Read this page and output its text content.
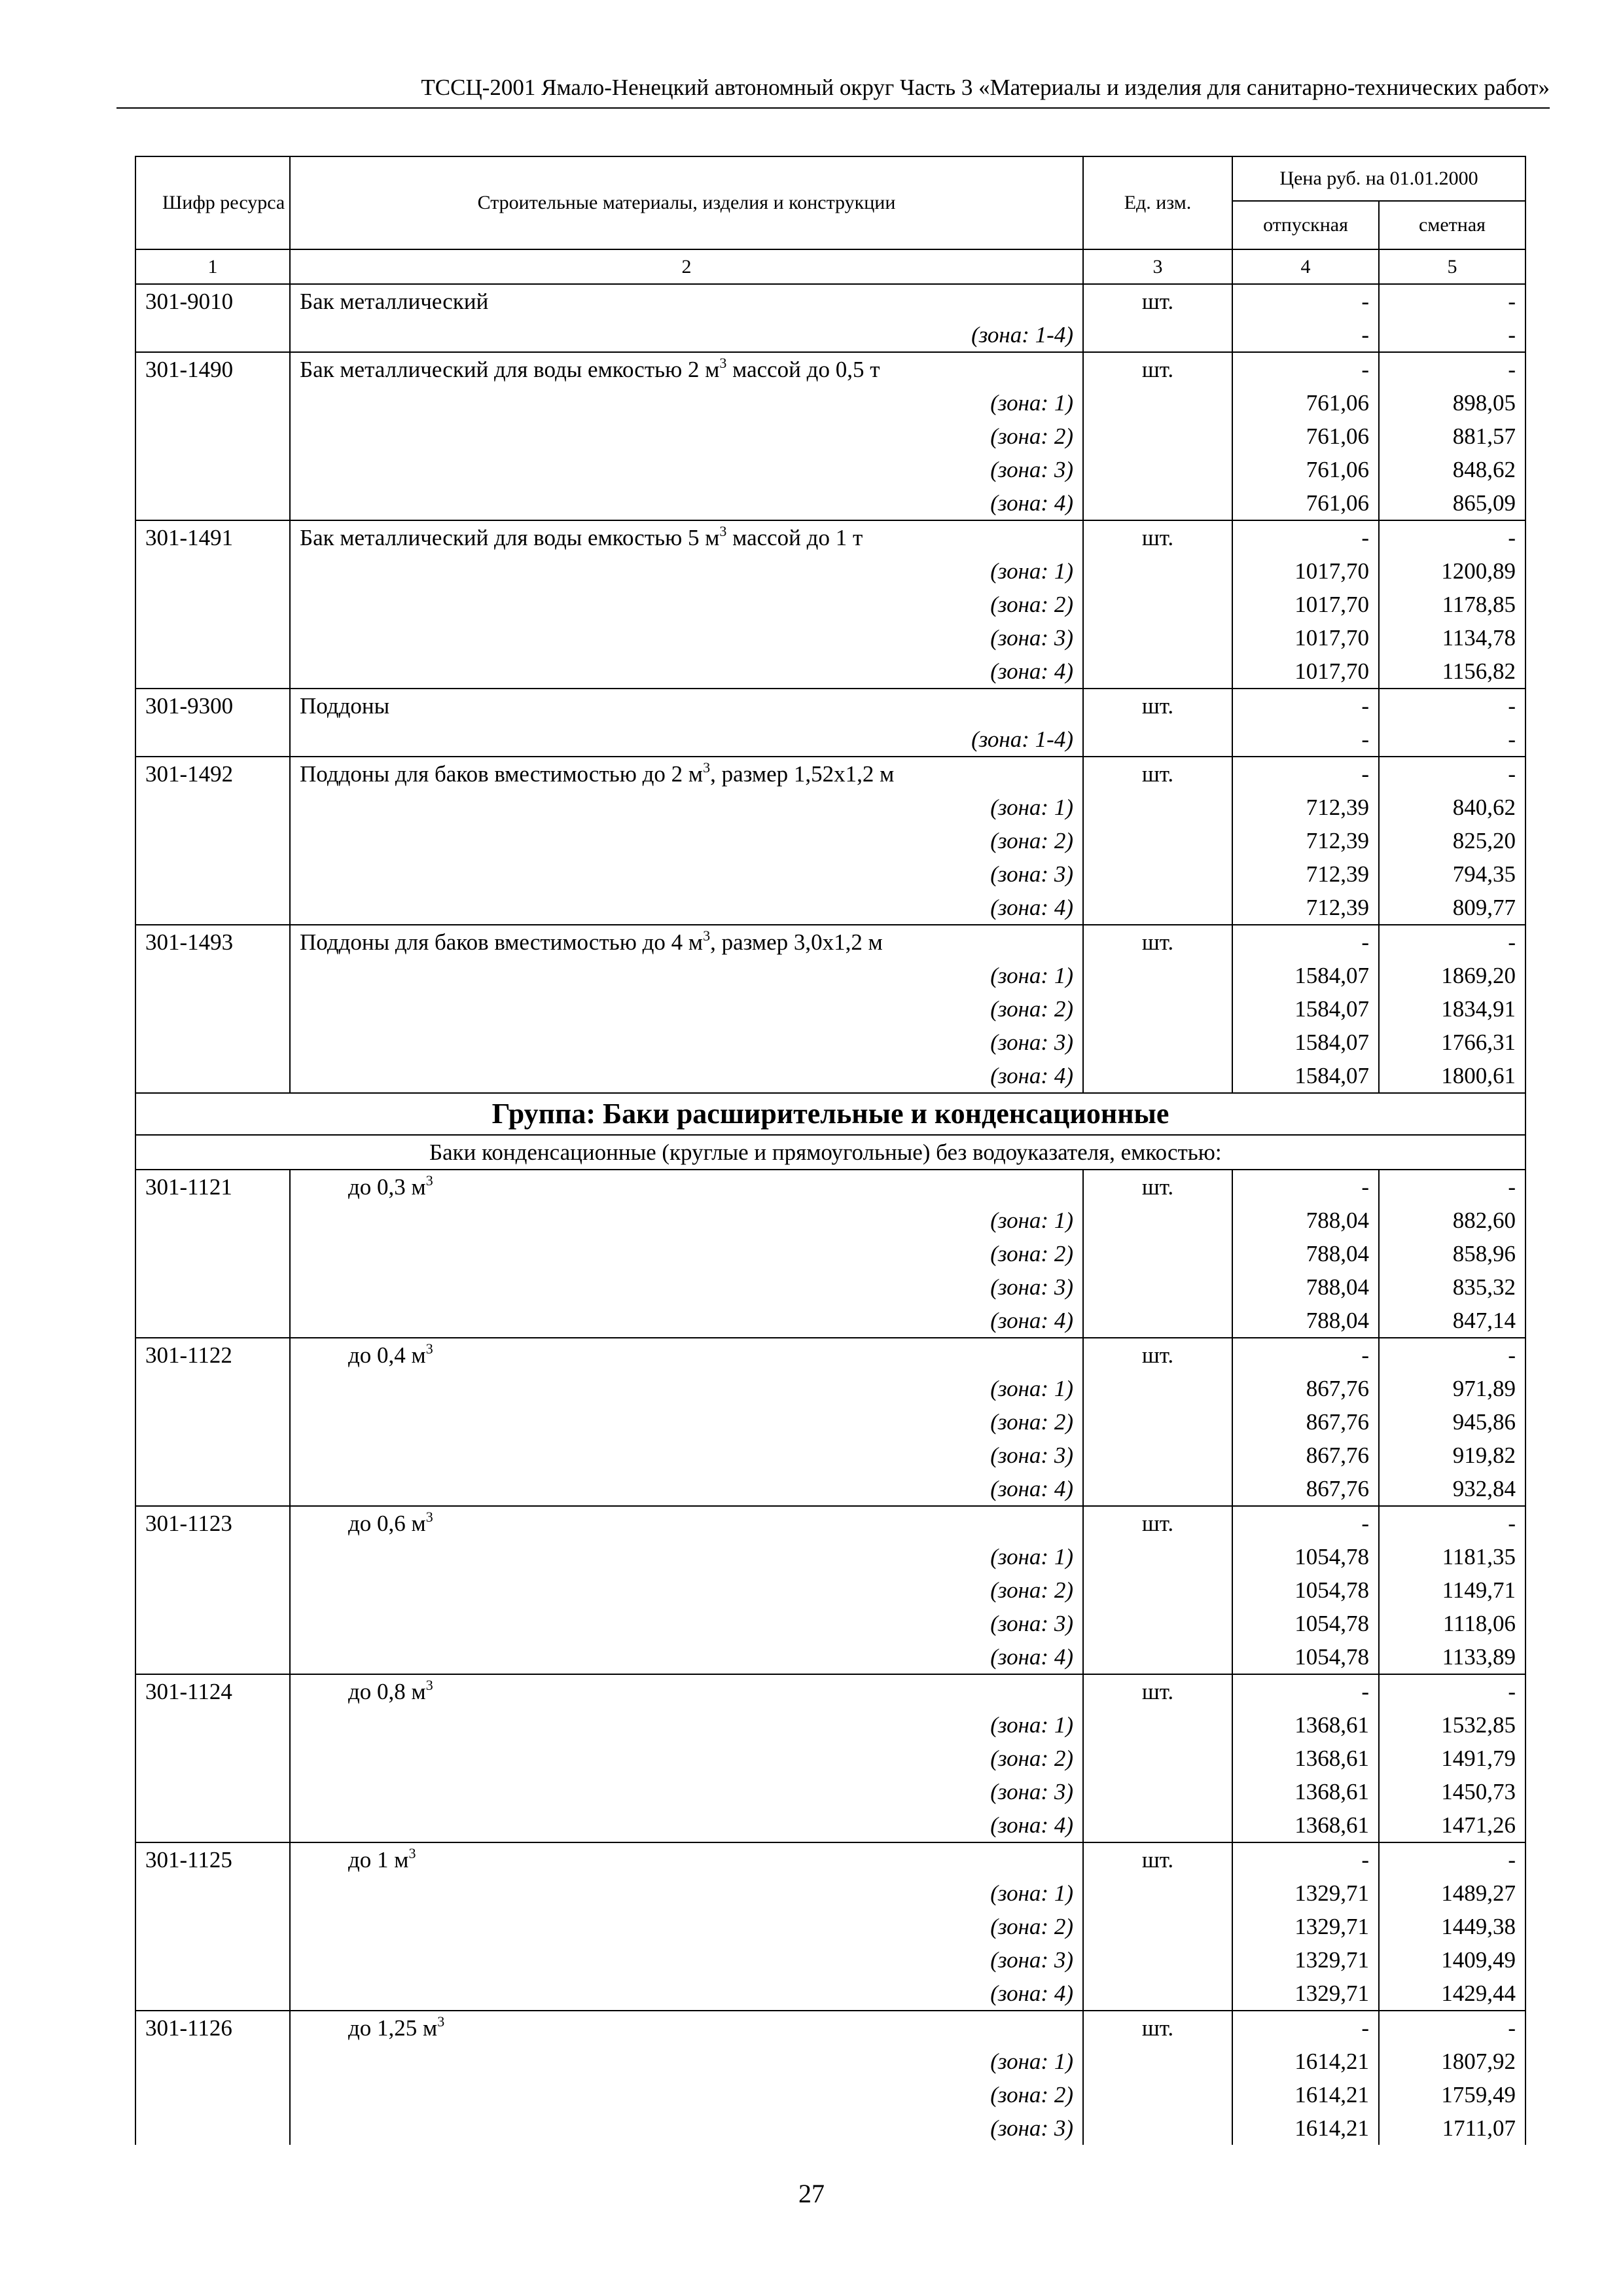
ТССЦ-2001 Ямало-Ненецкий автономный округ Часть 3 «Материалы и изделия для санитарно-технических работ»
Шифр ресурса	Строительные материалы, изделия и конструкции	Ед. изм.	Цена руб. на 01.01.2000	
			отпускная	сметная
1	2	3	4	5
301-9010	Бак металлический	шт.	-	-

	(зона: 1-4)		-	-
301-1490	Бак металлический для воды емкостью 2 $м^3$ массой до 0,5 т	шт.	-	-

	(зона: 1)		761,06	898,05

	(зона: 2)		761,06	881,57

	(зона: 3)		761,06	848,62

	(зона: 4)		761,06	865,09
301-1491	Бак металлический для воды емкостью 5 $м^3$ массой до 1 т	шт.	-	-

	(зона: 1)		1017,70	1200,89

	(зона: 2)		1017,70	1178,85

	(зона: 3)		1017,70	1134,78

	(зона: 4)		1017,70	1156,82
301-9300	Поддоны	шт.	-	-

	(зона: 1-4)		-	-
301-1492	Поддоны для баков вместимостью до 2 $м^3$, размер 1,52х1,2 м	шт.	-	-

	(зона: 1)		712,39	840,62

	(зона: 2)		712,39	825,20

	(зона: 3)		712,39	794,35

	(зона: 4)		712,39	809,77
301-1493	Поддоны для баков вместимостью до 4 $м^3$, размер 3,0х1,2 м	шт.	-	-

	(зона: 1)		1584,07	1869,20

	(зона: 2)		1584,07	1834,91

	(зона: 3)		1584,07	1766,31

	(зона: 4)		1584,07	1800,61
Группа: Баки расширительные и конденсационные				
Баки конденсационные (круглые и прямоугольные) без водоуказателя, емкостью:				
301-1121	до 0,3 $м^3$	шт.	-	-

	(зона: 1)		788,04	882,60

	(зона: 2)		788,04	858,96

	(зона: 3)		788,04	835,32

	(зона: 4)		788,04	847,14
301-1122	до 0,4 $м^3$	шт.	-	-

	(зона: 1)		867,76	971,89

	(зона: 2)		867,76	945,86

	(зона: 3)		867,76	919,82

	(зона: 4)		867,76	932,84
301-1123	до 0,6 $м^3$	шт.	-	-

	(зона: 1)		1054,78	1181,35

	(зона: 2)		1054,78	1149,71

	(зона: 3)		1054,78	1118,06

	(зона: 4)		1054,78	1133,89
301-1124	до 0,8 $м^3$	шт.	-	-

	(зона: 1)		1368,61	1532,85

	(зона: 2)		1368,61	1491,79

	(зона: 3)		1368,61	1450,73

	(зона: 4)		1368,61	1471,26
301-1125	до 1 $м^3$	шт.	-	-

	(зона: 1)		1329,71	1489,27

	(зона: 2)		1329,71	1449,38

	(зона: 3)		1329,71	1409,49

	(зона: 4)		1329,71	1429,44
301-1126	до 1,25 $м^3$	шт.	-	-

	(зона: 1)		1614,21	1807,92

	(зона: 2)		1614,21	1759,49

	(зона: 3)		1614,21	1711,07
27
